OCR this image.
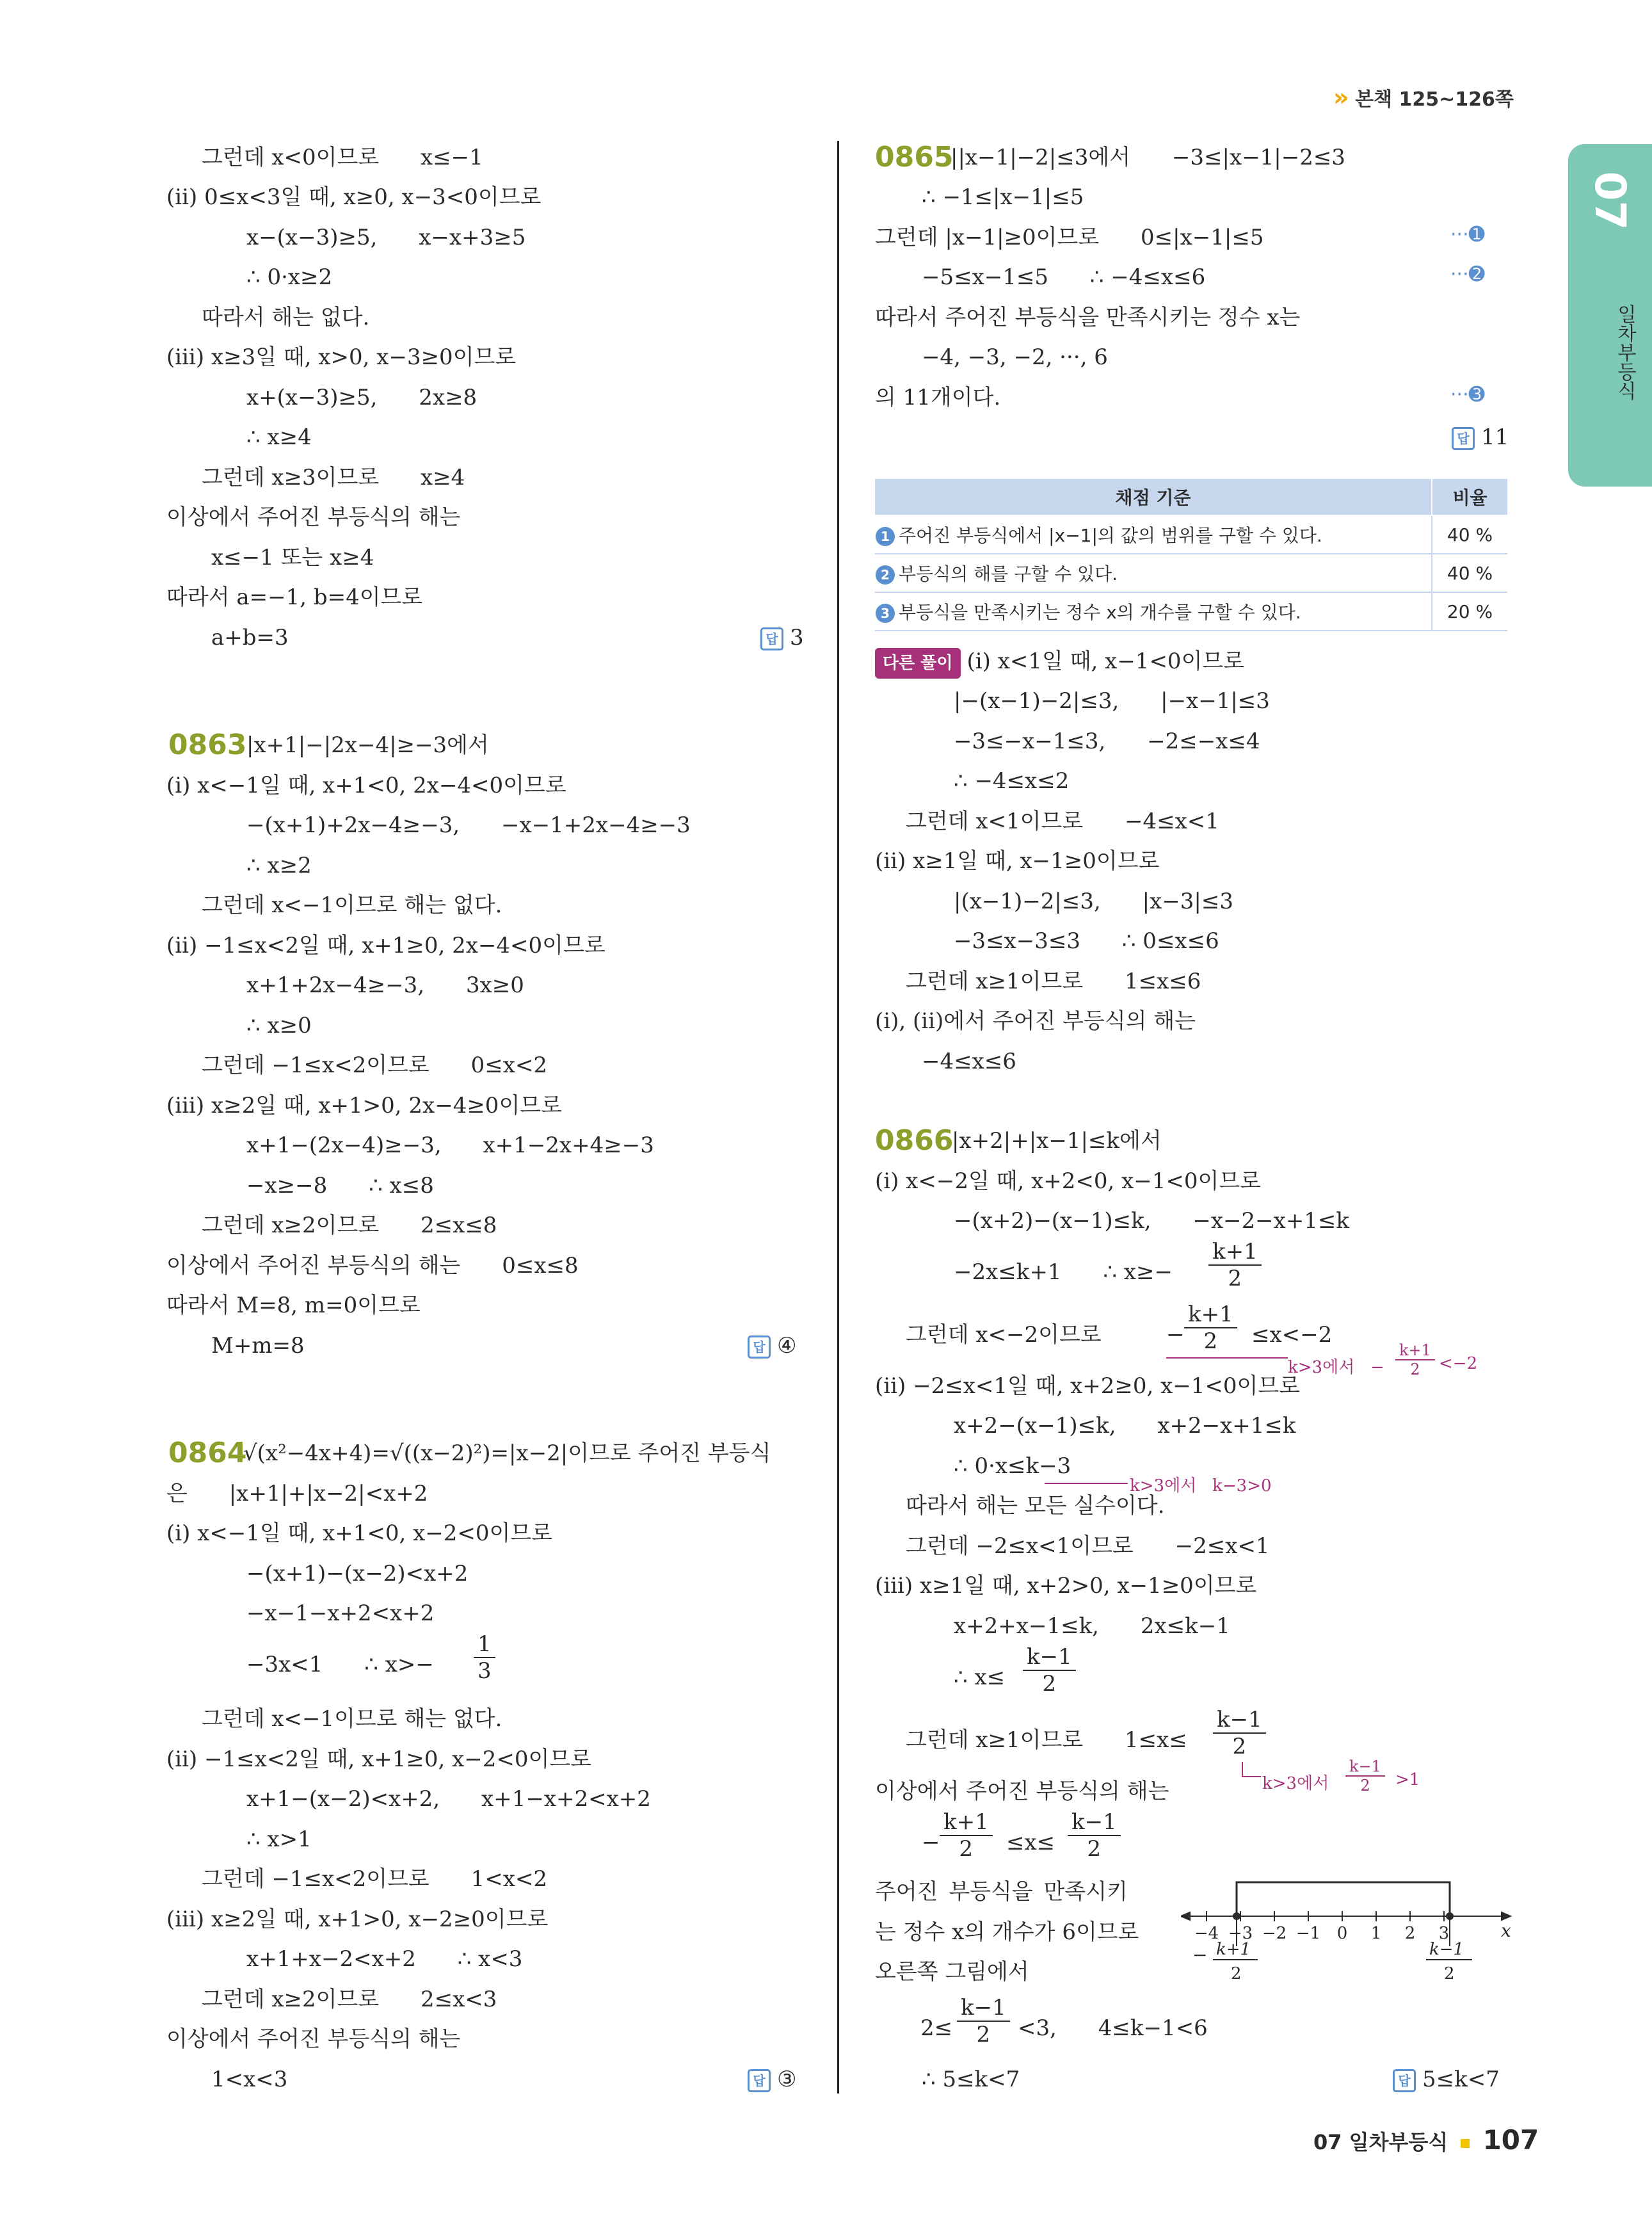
» 본책 125~126쪽
07
일차부등식
그런데 x<0이므로      x≤−1
(ⅱ) 0≤x<3일 때, x≥0, x−3<0이므로
x−(x−3)≥5,      x−x+3≥5
∴ 0·x≥2
따라서 해는 없다.
(ⅲ) x≥3일 때, x>0, x−3≥0이므로
x+(x−3)≥5,      2x≥8
∴ x≥4
그런데 x≥3이므로      x≥4
이상에서 주어진 부등식의 해는
x≤−1 또는 x≥4
따라서 a=−1, b=4이므로
a+b=3	답 3
0863 |x+1|−|2x−4|≥−3에서
(ⅰ) x<−1일 때, x+1<0, 2x−4<0이므로
−(x+1)+2x−4≥−3,      −x−1+2x−4≥−3
∴ x≥2
그런데 x<−1이므로 해는 없다.
(ⅱ) −1≤x<2일 때, x+1≥0, 2x−4<0이므로
x+1+2x−4≥−3,      3x≥0
∴ x≥0
그런데 −1≤x<2이므로      0≤x<2
(ⅲ) x≥2일 때, x+1>0, 2x−4≥0이므로
x+1−(2x−4)≥−3,      x+1−2x+4≥−3
−x≥−8      ∴ x≤8
그런데 x≥2이므로      2≤x≤8
이상에서 주어진 부등식의 해는      0≤x≤8
따라서 M=8, m=0이므로
M+m=8	답 ④
0864
√(x²−4x+4)=√((x−2)²)=|x−2|이므로 주어진 부등식
은      |x+1|+|x−2|<x+2
(ⅰ) x<−1일 때, x+1<0, x−2<0이므로
−(x+1)−(x−2)<x+2
−x−1−x+2<x+2
−3x<1      ∴ $x>- \frac{1}{3}$
그런데 x<−1이므로 해는 없다.
(ⅱ) −1≤x<2일 때, x+1≥0, x−2<0이므로
x+1−(x−2)<x+2,      x+1−x+2<x+2
∴ x>1
그런데 −1≤x<2이므로      1<x<2
(ⅲ) x≥2일 때, x+1>0, x−2≥0이므로
x+1+x−2<x+2      ∴ x<3
그런데 x≥2이므로      2≤x<3
이상에서 주어진 부등식의 해는
1<x<3	답 ③
0865
||x−1|−2|≤3에서      −3≤|x−1|−2≤3
∴ −1≤|x−1|≤5
그런데 |x−1|≥0이므로      0≤|x−1|≤5	···➊
−5≤x−1≤5      ∴ −4≤x≤6	···➋
따라서 주어진 부등식을 만족시키는 정수 x는
−4, −3, −2, ···, 6
의 11개이다.	···➌
답 11
채점 기준	비율
1 주어진 부등식에서 |x−1|의 값의 범위를 구할 수 있다.	40 %
2 부등식의 해를 구할 수 있다.	40 %
3 부등식을 만족시키는 정수 x의 개수를 구할 수 있다.	20 %
다른 풀이 (ⅰ) x<1일 때, x−1<0이므로
|−(x−1)−2|≤3,      |−x−1|≤3
−3≤−x−1≤3,      −2≤−x≤4
∴ −4≤x≤2
그런데 x<1이므로      −4≤x<1
(ⅱ) x≥1일 때, x−1≥0이므로
|(x−1)−2|≤3,      |x−3|≤3
−3≤x−3≤3      ∴ 0≤x≤6
그런데 x≥1이므로      1≤x≤6
(ⅰ), (ⅱ)에서 주어진 부등식의 해는
−4≤x≤6
0866
|x+2|+|x−1|≤k에서
(ⅰ) x<−2일 때, x+2<0, x−1<0이므로
−(x+2)−(x−1)≤k,      −x−2−x+1≤k
−2x≤k+1      ∴ $x\ge- \frac{k+1}{2}$
그런데 x<−2이므로	− $\frac{k+1}{2} \le x<-2$
k>3에서   − $\frac{k+1}{2} <-2$
(ⅱ) −2≤x<1일 때, x+2≥0, x−1<0이므로
x+2−(x−1)≤k,      x+2−x+1≤k
∴ 0·x≤k−3
k>3에서   k−3>0
따라서 해는 모든 실수이다.
그런데 −2≤x<1이므로      −2≤x<1
(ⅲ) x≥1일 때, x+2>0, x−1≥0이므로
x+2+x−1≤k,      2x≤k−1
∴ $x\le \frac{k-1}{2}$
그런데 x≥1이므로      $1\le x\le \frac{k-1}{2}$
k>3에서 $\frac{k-1}{2} >1$
이상에서 주어진 부등식의 해는
− $\frac{k+1}{2} \le x\le \frac{k-1}{2}$
주어진 부등식을 만족시키
는 정수 x의 개수가 6이므로
오른쪽 그림에서
−4 −3 −2 −1 0 1 2 3	x
− k+1
2
k−1
2
$2\le \frac{k-1}{2} <3$,      4≤k−1<6
∴ 5≤k<7	답 5≤k<7
07 일차부등식 107
